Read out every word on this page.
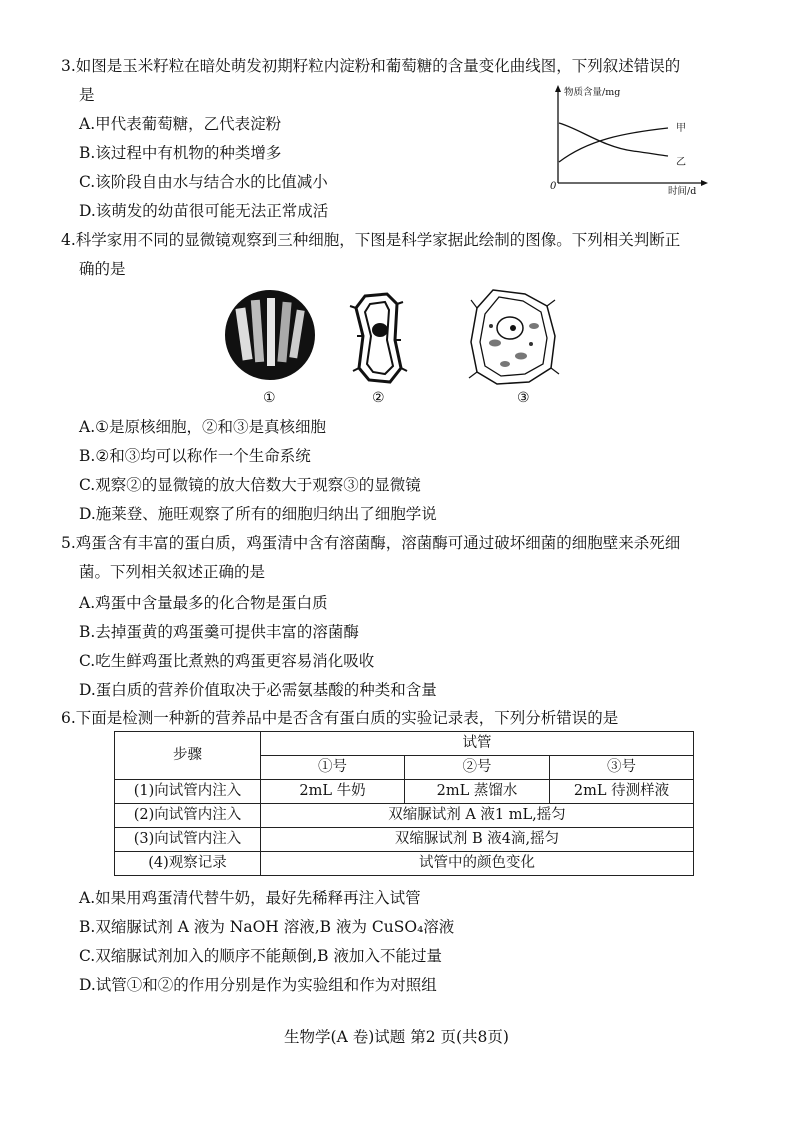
3.如图是玉米籽粒在暗处萌发初期籽粒内淀粉和葡萄糖的含量变化曲线图，下列叙述错误的
是
A.甲代表葡萄糖，乙代表淀粉
B.该过程中有机物的种类增多
C.该阶段自由水与结合水的比值减小
D.该萌发的幼苗很可能无法正常成活
物质含量/mg
时间/d
0
甲
乙
4.科学家用不同的显微镜观察到三种细胞，下图是科学家据此绘制的图像。下列相关判断正
确的是
①	②	③
A.①是原核细胞，②和③是真核细胞
B.②和③均可以称作一个生命系统
C.观察②的显微镜的放大倍数大于观察③的显微镜
D.施莱登、施旺观察了所有的细胞归纳出了细胞学说
5.鸡蛋含有丰富的蛋白质，鸡蛋清中含有溶菌酶，溶菌酶可通过破坏细菌的细胞壁来杀死细
菌。下列相关叙述正确的是
A.鸡蛋中含量最多的化合物是蛋白质
B.去掉蛋黄的鸡蛋羹可提供丰富的溶菌酶
C.吃生鲜鸡蛋比煮熟的鸡蛋更容易消化吸收
D.蛋白质的营养价值取决于必需氨基酸的种类和含量
6.下面是检测一种新的营养品中是否含有蛋白质的实验记录表，下列分析错误的是
步骤	试管		
	①号	②号	③号
(1)向试管内注入	2mL 牛奶	2mL 蒸馏水	2mL 待测样液
(2)向试管内注入	双缩脲试剂 A 液1 mL,摇匀		
(3)向试管内注入	双缩脲试剂 B 液4滴,摇匀		
(4)观察记录	试管中的颜色变化		
A.如果用鸡蛋清代替牛奶，最好先稀释再注入试管
B.双缩脲试剂 A 液为 NaOH 溶液,B 液为 CuSO₄溶液
C.双缩脲试剂加入的顺序不能颠倒,B 液加入不能过量
D.试管①和②的作用分别是作为实验组和作为对照组
生物学(A 卷)试题 第2 页(共8页)
